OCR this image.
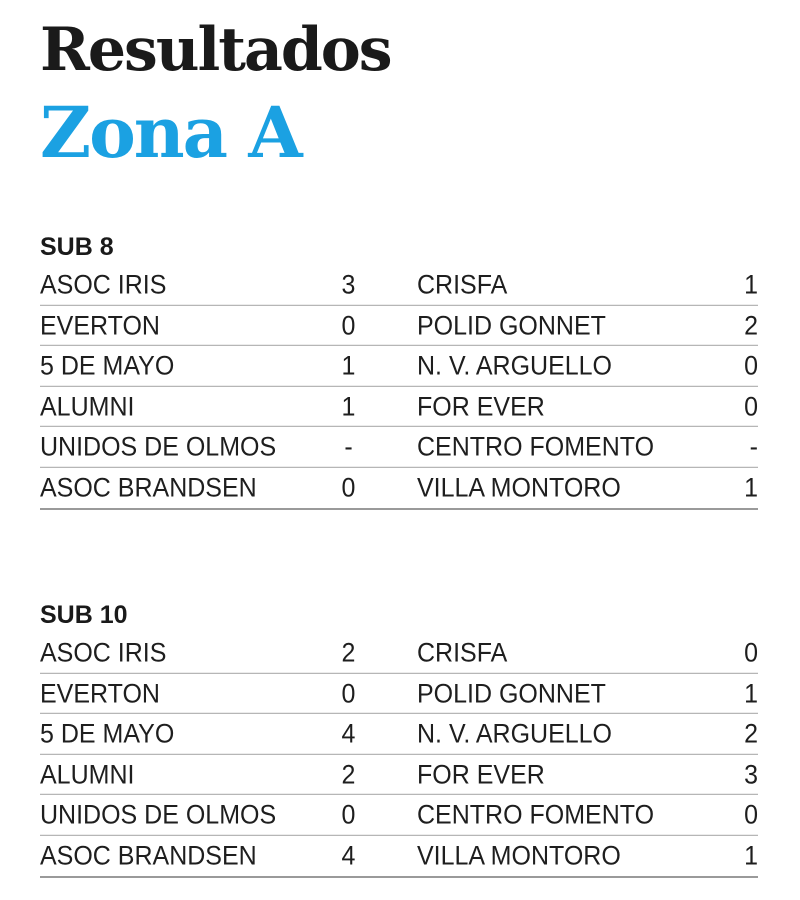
Resultados
Zona A
SUB 8
ASOC IRIS	3 CRISFA	1
EVERTON	0 POLID GONNET	2
5 DE MAYO	1 N. V. ARGUELLO	0
ALUMNI	1 FOR EVER	0
UNIDOS DE OLMOS	-	CENTRO FOMENTO	-
ASOC BRANDSEN	0 VILLA MONTORO	1
SUB 10
ASOC IRIS	2 CRISFA	0
EVERTON	0 POLID GONNET	1
5 DE MAYO	4 N. V. ARGUELLO	2
ALUMNI	2 FOR EVER	3
UNIDOS DE OLMOS	0 CENTRO FOMENTO	0
ASOC BRANDSEN	4 VILLA MONTORO	1
